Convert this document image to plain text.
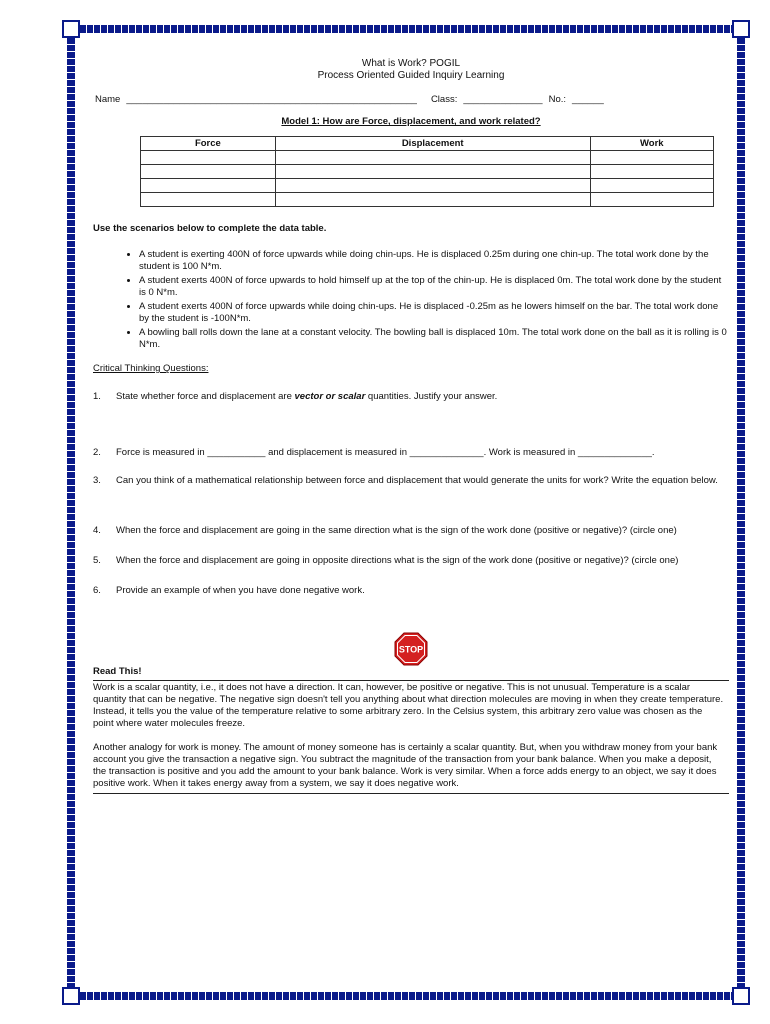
What is Work? POGIL
Process Oriented Guided Inquiry Learning
Name _______________________________________________________ Class: _______________ No.: ______
Model 1: How are Force, displacement, and work related?
Force	Displacement	Work

Use the scenarios below to complete the data table.
• A student is exerting 400N of force upwards while doing chin-ups. He is displaced 0.25m during one chin-up. The total work done by the student is 100 N*m.
• A student exerts 400N of force upwards to hold himself up at the top of the chin-up. He is displaced 0m. The total work done by the student is 0 N*m.
• A student exerts 400N of force upwards while doing chin-ups. He is displaced -0.25m as he lowers himself on the bar. The total work done by the student is -100N*m.
• A bowling ball rolls down the lane at a constant velocity. The bowling ball is displaced 10m. The total work done on the ball as it is rolling is 0 N*m.
Critical Thinking Questions:
1.	State whether force and displacement are vector or scalar quantities. Justify your answer.
2.	Force is measured in ___________ and displacement is measured in ______________. Work is measured in ______________.
3.	Can you think of a mathematical relationship between force and displacement that would generate the units for work? Write the equation below.
4.	When the force and displacement are going in the same direction what is the sign of the work done (positive or negative)? (circle one)
5.	When the force and displacement are going in opposite directions what is the sign of the work done (positive or negative)? (circle one)
6.	Provide an example of when you have done negative work.
STOP
Read This!
Work is a scalar quantity, i.e., it does not have a direction. It can, however, be positive or negative. This is not unusual. Temperature is a scalar quantity that can be negative. The negative sign doesn't tell you anything about what direction molecules are moving in when they create temperature. Instead, it tells you the value of the temperature relative to some arbitrary zero. In the Celsius system, this arbitrary zero value was chosen as the point where water molecules freeze.
Another analogy for work is money. The amount of money someone has is certainly a scalar quantity. But, when you withdraw money from your bank account you give the transaction a negative sign. You subtract the magnitude of the transaction from your bank balance. When you make a deposit, the transaction is positive and you add the amount to your bank balance. Work is very similar. When a force adds energy to an object, we say it does positive work. When it takes energy away from a system, we say it does negative work.
